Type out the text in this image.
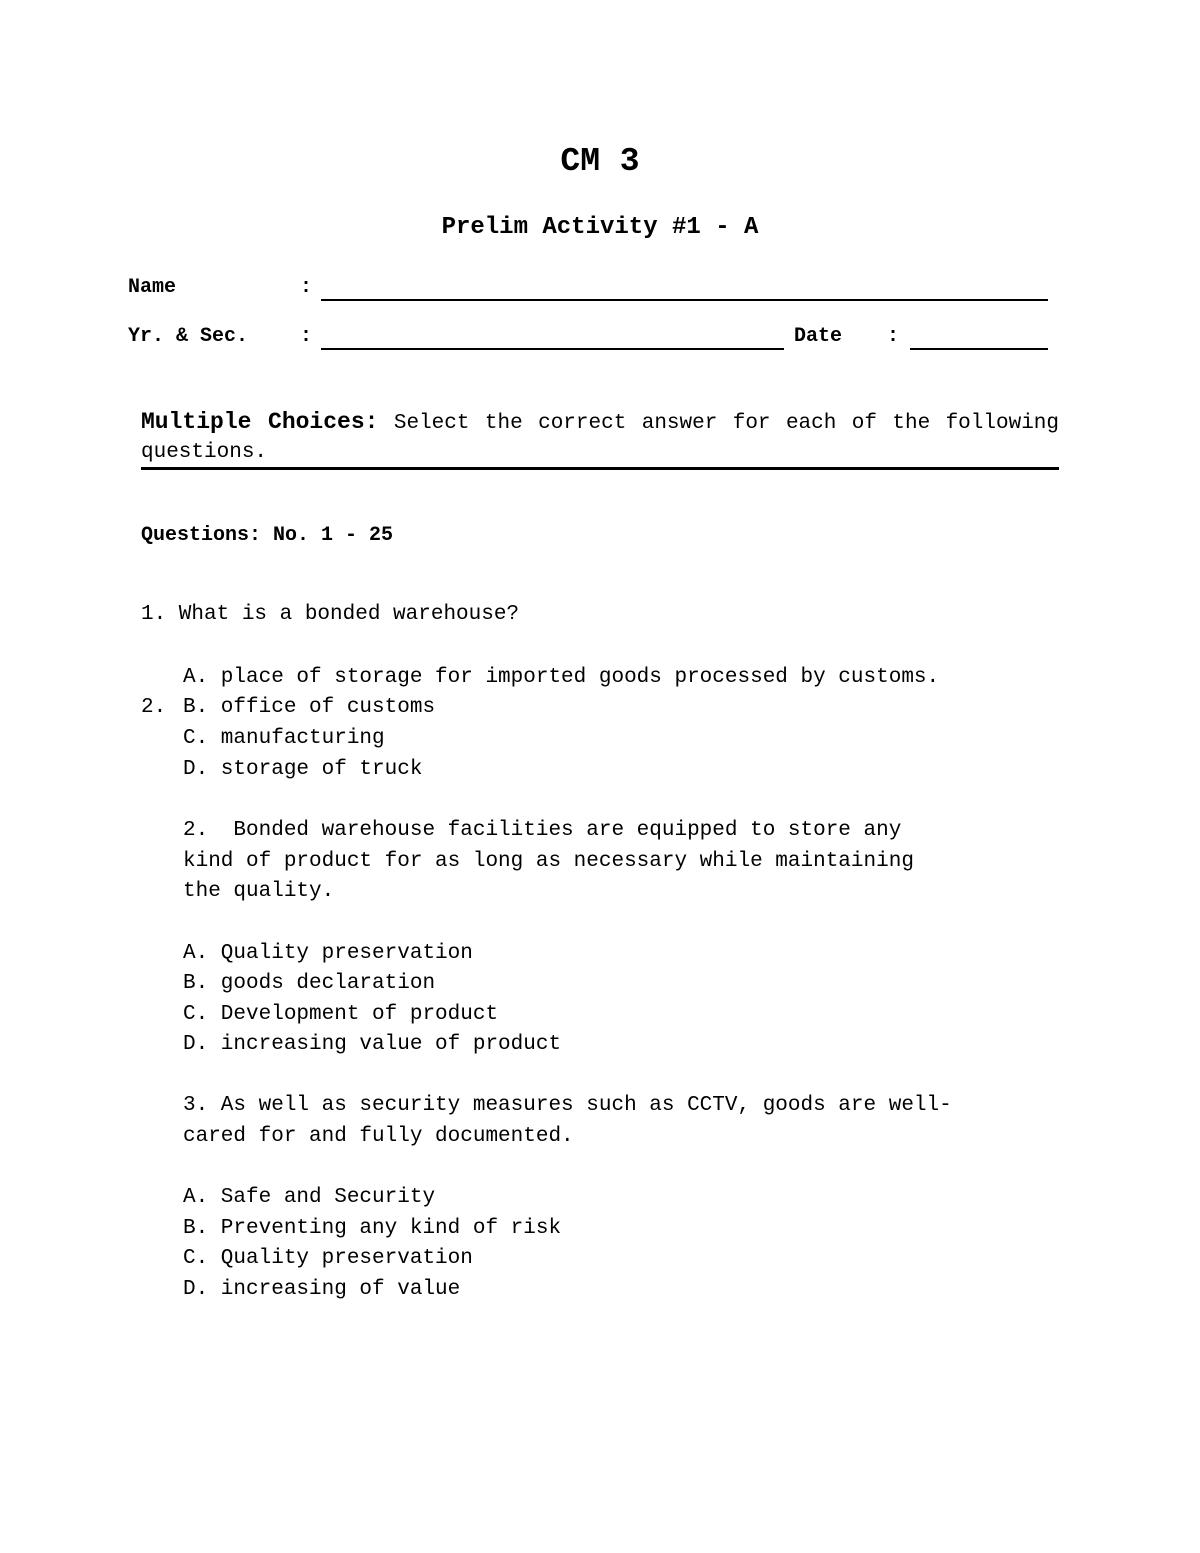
CM 3
Prelim Activity #1 - A
Name	:
Yr. & Sec.	:	Date :
Multiple Choices: Select the correct answer for each of the following questions.
Questions: No. 1 - 25
1. What is a bonded warehouse?
A. place of storage for imported goods processed by customs.
2. B. office of customs
C. manufacturing
D. storage of truck
2.  Bonded warehouse facilities are equipped to store any
kind of product for as long as necessary while maintaining
the quality.
A. Quality preservation
B. goods declaration
C. Development of product
D. increasing value of product
3. As well as security measures such as CCTV, goods are well-
cared for and fully documented.
A. Safe and Security
B. Preventing any kind of risk
C. Quality preservation
D. increasing of value
